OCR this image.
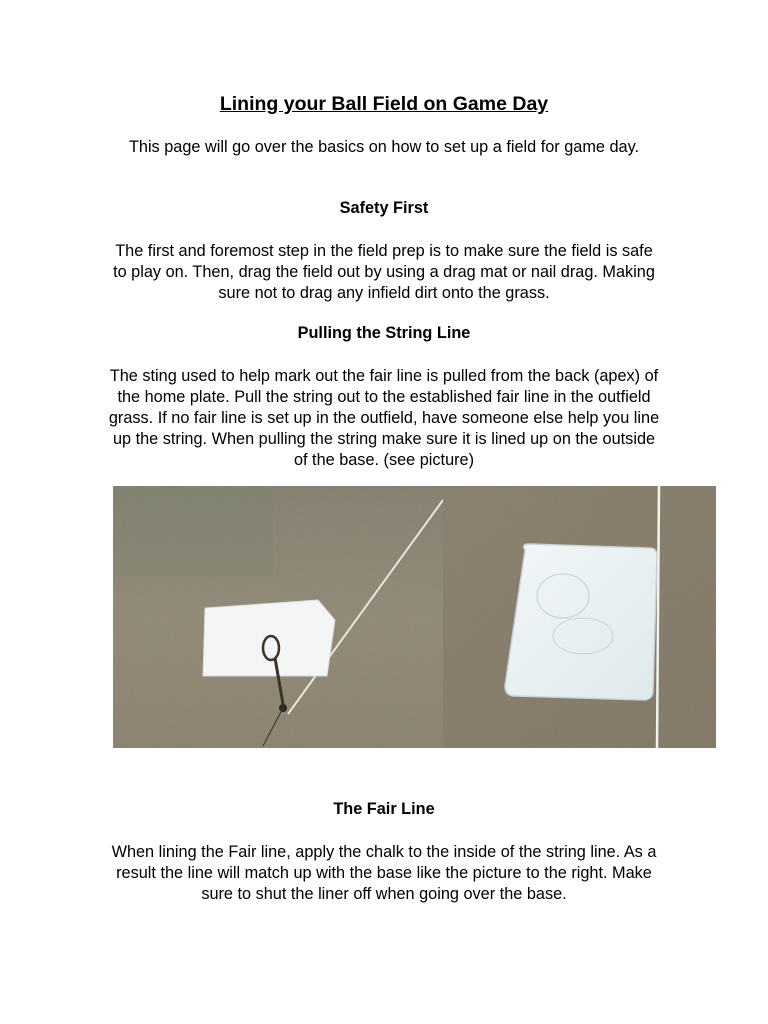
Lining your Ball Field on Game Day

This page will go over the basics on how to set up a field for game day.

Safety First

The first and foremost step in the field prep is to make sure the field is safe to play on. Then, drag the field out by using a drag mat or nail drag. Making sure not to drag any infield dirt onto the grass.

Pulling the String Line

The sting used to help mark out the fair line is pulled from the back (apex) of the home plate. Pull the string out to the established fair line in the outfield grass. If no fair line is set up in the outfield, have someone else help you line up the string. When pulling the string make sure it is lined up on the outside of the base. (see picture)

The Fair Line

When lining the Fair line, apply the chalk to the inside of the string line. As a result the line will match up with the base like the picture to the right. Make sure to shut the liner off when going over the base.
